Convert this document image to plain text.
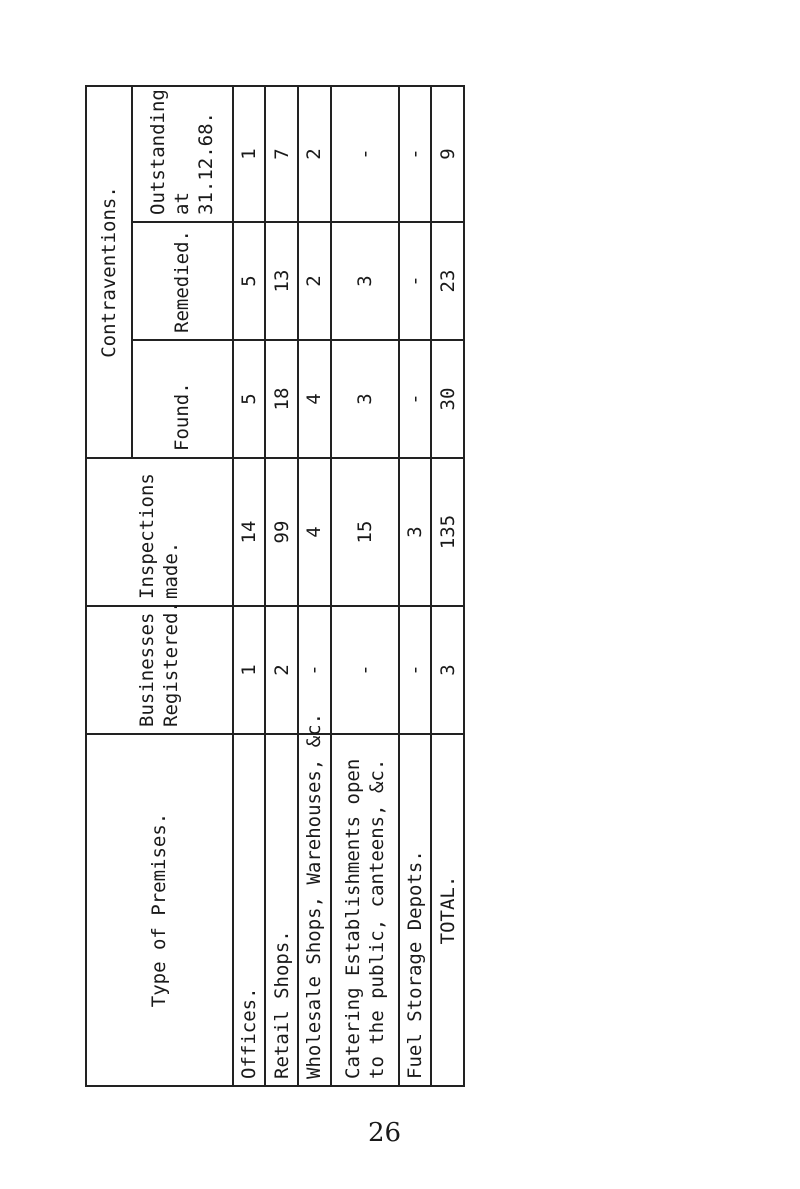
Type of Premises.	Businesses Registered.	Inspections made.	Contraventions.		
			Found.	Remedied.	Outstanding at 31.12.68.
Offices.	1	14	5	5	1
Retail Shops.	2	99	18	13	7
Wholesale Shops, Warehouses, &c.	-	4	4	2	2
Catering Establishments open to the public, canteens, &c.	-	15	3	3	-
Fuel Storage Depots.	-	3	-	-	-
TOTAL.	3	135	30	23	9
26
